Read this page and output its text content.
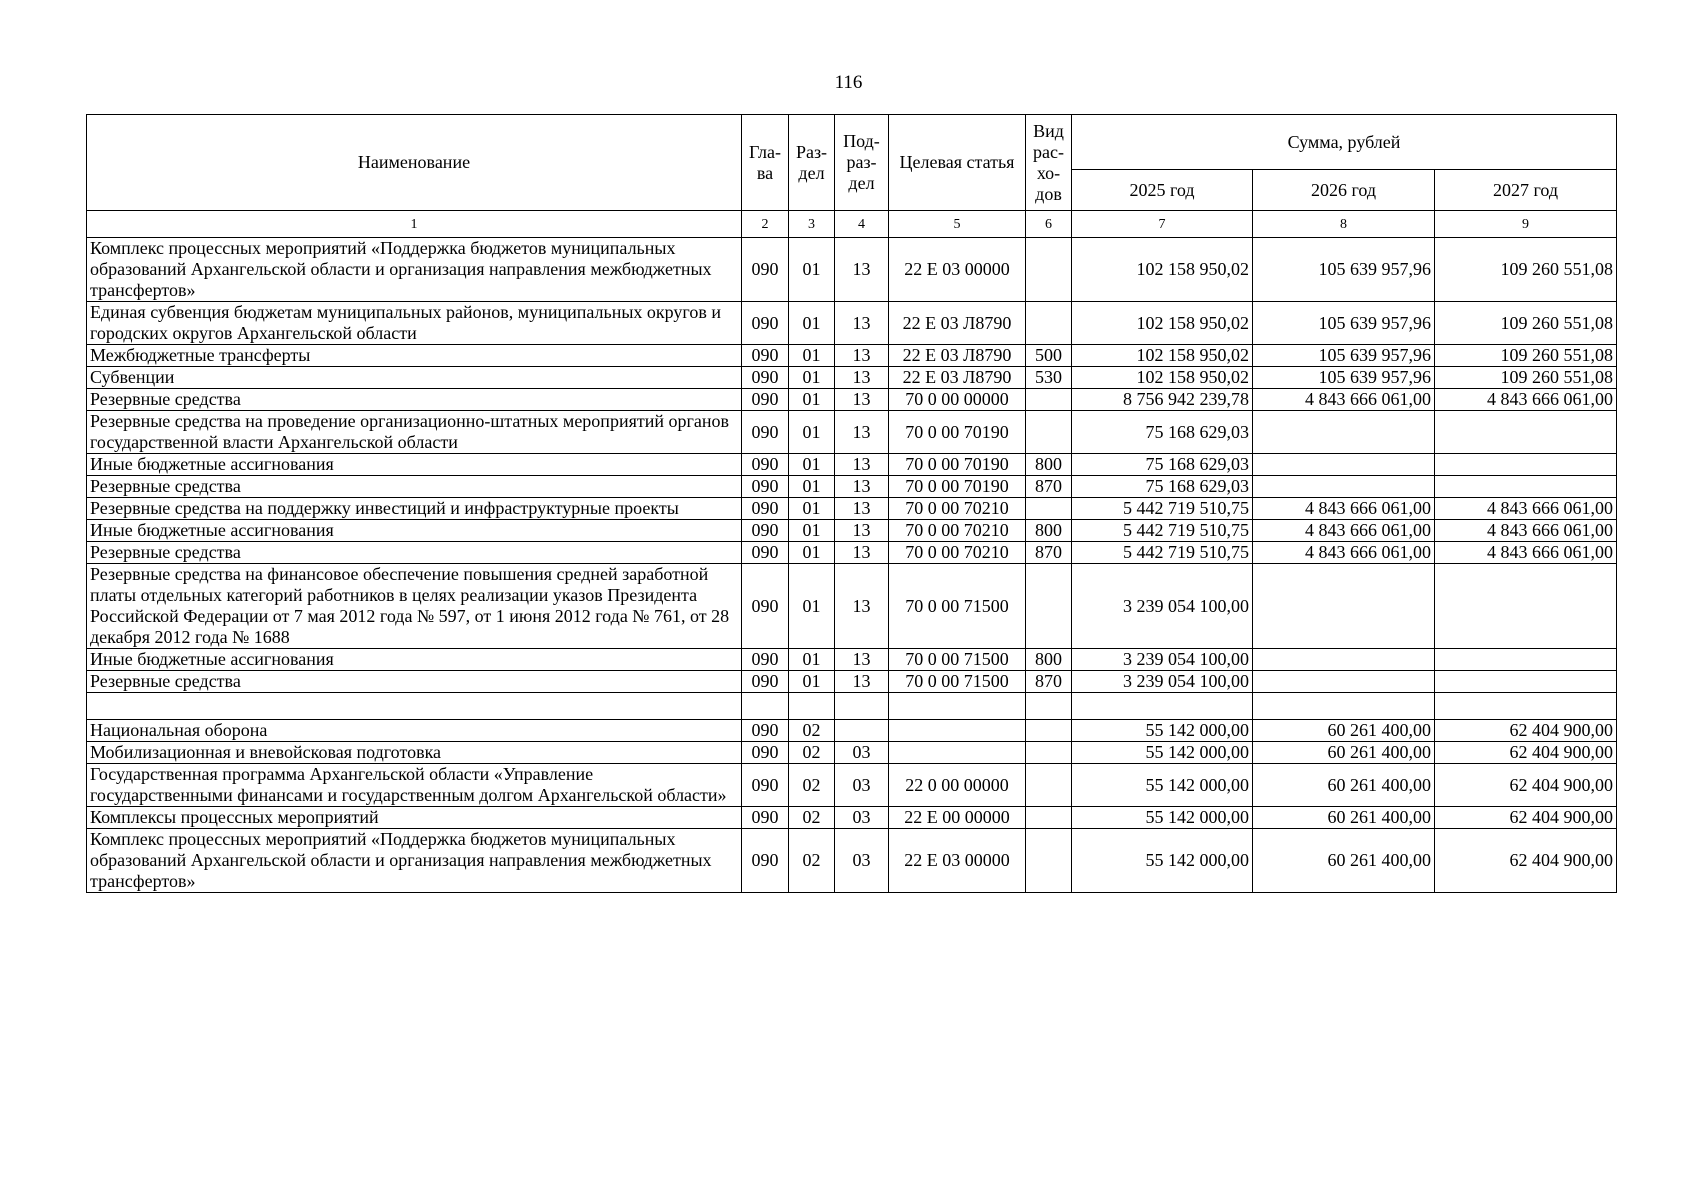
116
Наименование	Гла- ва	Раз- дел	Под- раз- дел	Целевая статья	Вид рас- хо- дов	Сумма, рублей		
						2025 год	2026 год	2027 год
1	2	3	4	5	6	7	8	9
Комплекс процессных мероприятий «Поддержка бюджетов муниципальных образований Архангельской области и организация направления межбюджетных трансфертов»	090	01	13	22 Е 03 00000		102 158 950,02	105 639 957,96	109 260 551,08
Единая субвенция бюджетам муниципальных районов, муниципальных округов и городских округов Архангельской области	090	01	13	22 Е 03 Л8790		102 158 950,02	105 639 957,96	109 260 551,08
Межбюджетные трансферты	090	01	13	22 Е 03 Л8790	500	102 158 950,02	105 639 957,96	109 260 551,08
Субвенции	090	01	13	22 Е 03 Л8790	530	102 158 950,02	105 639 957,96	109 260 551,08
Резервные средства	090	01	13	70 0 00 00000		8 756 942 239,78	4 843 666 061,00	4 843 666 061,00
Резервные средства на проведение организационно-штатных мероприятий органов государственной власти Архангельской области	090	01	13	70 0 00 70190		75 168 629,03		
Иные бюджетные ассигнования	090	01	13	70 0 00 70190	800	75 168 629,03		
Резервные средства	090	01	13	70 0 00 70190	870	75 168 629,03		
Резервные средства на поддержку инвестиций и инфраструктурные проекты	090	01	13	70 0 00 70210		5 442 719 510,75	4 843 666 061,00	4 843 666 061,00
Иные бюджетные ассигнования	090	01	13	70 0 00 70210	800	5 442 719 510,75	4 843 666 061,00	4 843 666 061,00
Резервные средства	090	01	13	70 0 00 70210	870	5 442 719 510,75	4 843 666 061,00	4 843 666 061,00
Резервные средства на финансовое обеспечение повышения средней заработной платы отдельных категорий работников в целях реализации указов Президента Российской Федерации от 7 мая 2012 года № 597, от 1 июня 2012 года № 761, от 28 декабря 2012 года № 1688	090	01	13	70 0 00 71500		3 239 054 100,00		
Иные бюджетные ассигнования	090	01	13	70 0 00 71500	800	3 239 054 100,00		
Резервные средства	090	01	13	70 0 00 71500	870	3 239 054 100,00		

Национальная оборона	090	02				55 142 000,00	60 261 400,00	62 404 900,00
Мобилизационная и вневойсковая подготовка	090	02	03			55 142 000,00	60 261 400,00	62 404 900,00
Государственная программа Архангельской области «Управление государственными финансами и государственным долгом Архангельской области»	090	02	03	22 0 00 00000		55 142 000,00	60 261 400,00	62 404 900,00
Комплексы процессных мероприятий	090	02	03	22 Е 00 00000		55 142 000,00	60 261 400,00	62 404 900,00
Комплекс процессных мероприятий «Поддержка бюджетов муниципальных образований Архангельской области и организация направления межбюджетных трансфертов»	090	02	03	22 Е 03 00000		55 142 000,00	60 261 400,00	62 404 900,00
